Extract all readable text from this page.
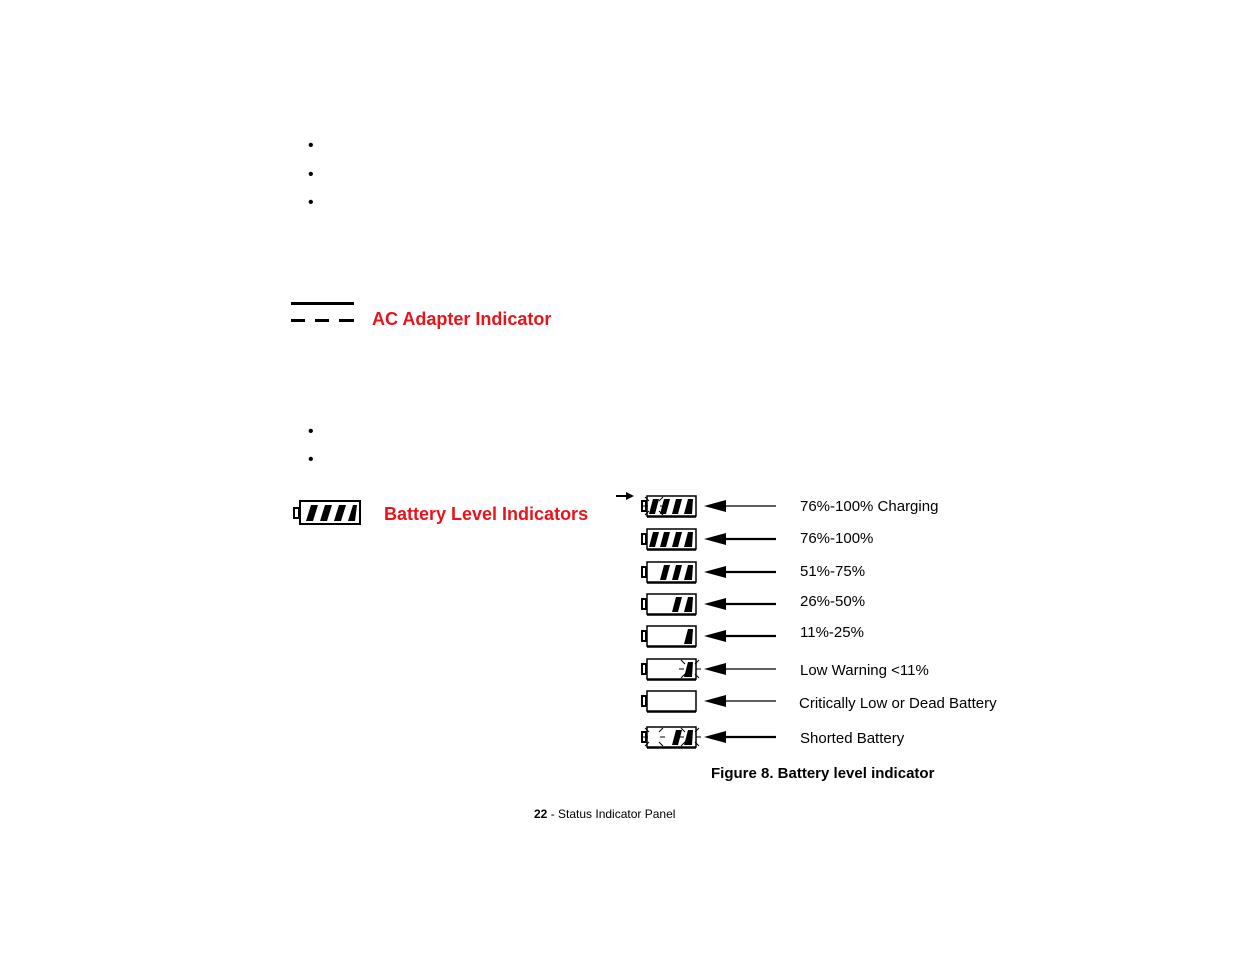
•
•
•
AC Adapter Indicator
•
•
Battery Level Indicators	76%-100% Charging
76%-100%
51%-75%
26%-50%
11%-25%
Low Warning <11%
Critically Low or Dead Battery
Shorted Battery
Figure 8. Battery level indicator
22 - Status Indicator Panel
